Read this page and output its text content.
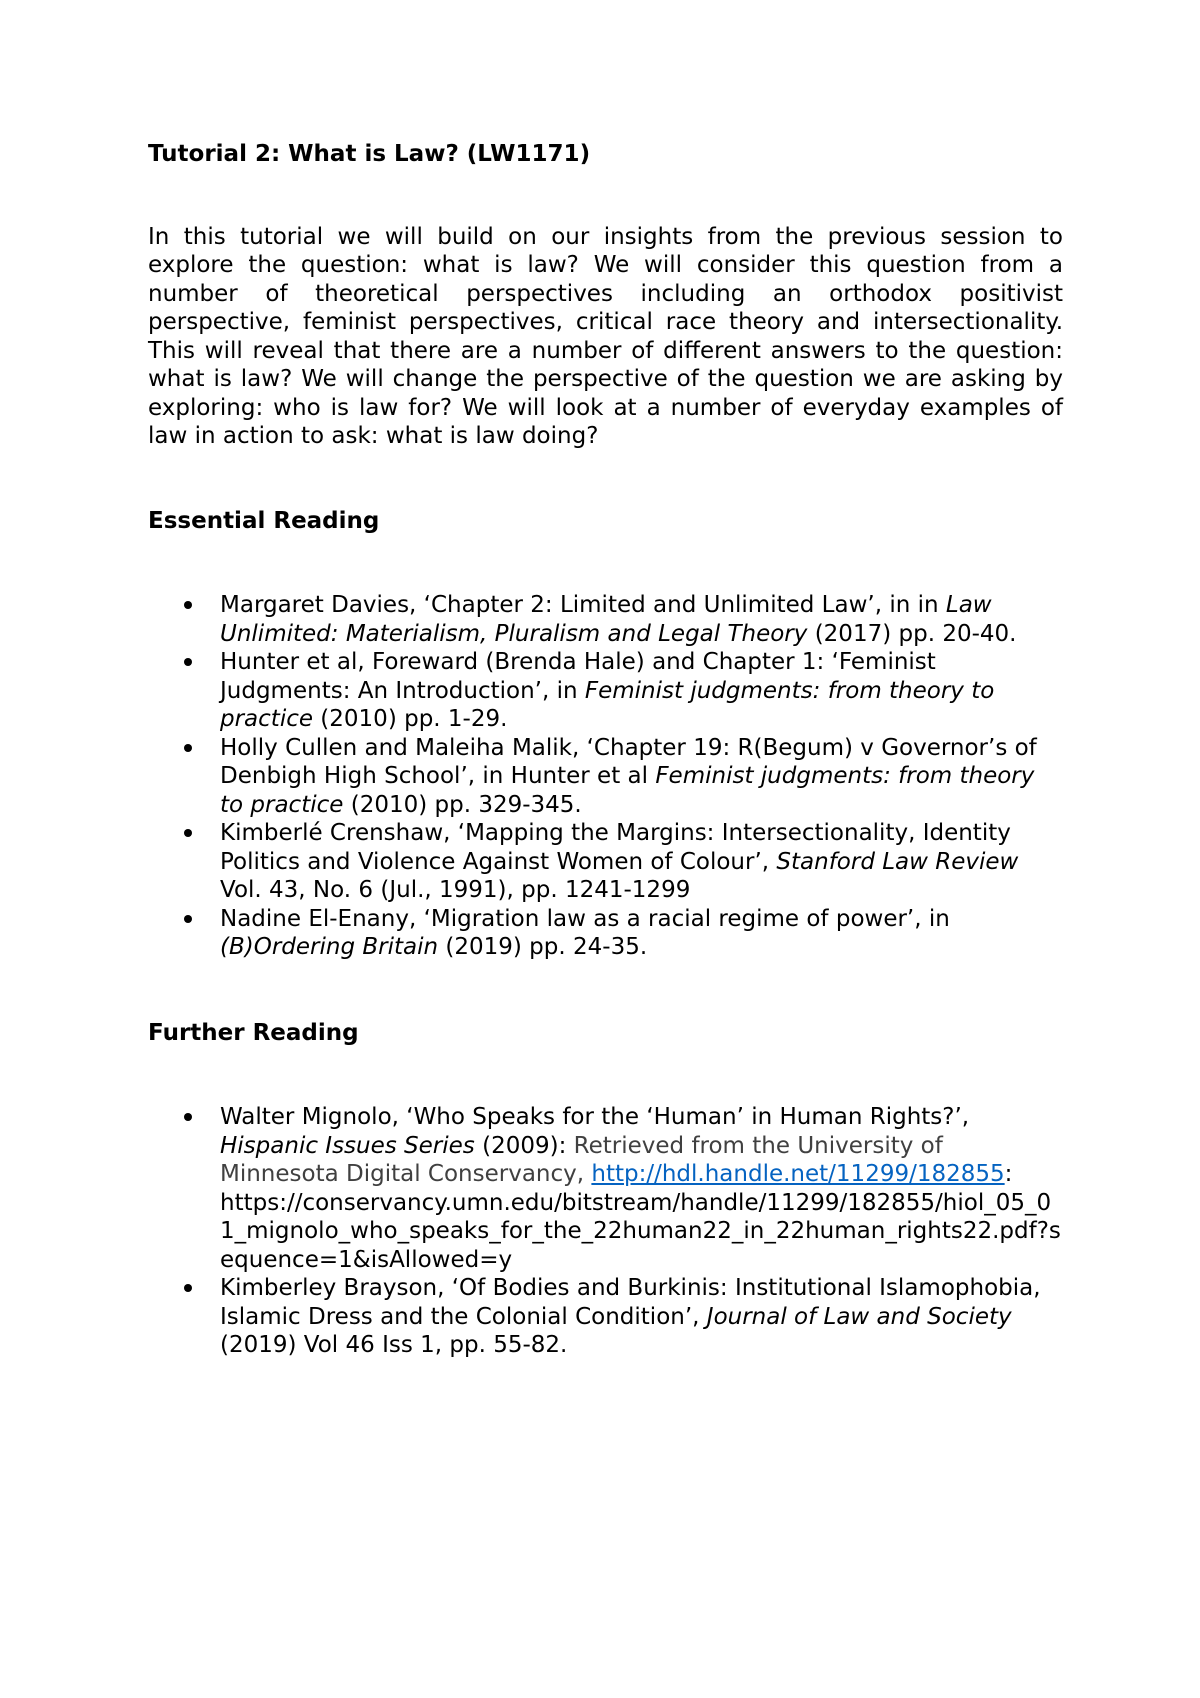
Tutorial 2: What is Law? (LW1171)

In this tutorial we will build on our insights from the previous session to explore the question: what is law? We will consider this question from a number of theoretical perspectives including an orthodox positivist perspective, feminist perspectives, critical race theory and intersectionality. This will reveal that there are a number of different answers to the question: what is law? We will change the perspective of the question we are asking by exploring: who is law for? We will look at a number of everyday examples of law in action to ask: what is law doing?

Essential Reading

Margaret Davies, ‘Chapter 2: Limited and Unlimited Law’, in in Law Unlimited: Materialism, Pluralism and Legal Theory (2017) pp. 20-40.
Hunter et al, Foreward (Brenda Hale) and Chapter 1: ‘Feminist Judgments: An Introduction’, in Feminist judgments: from theory to practice (2010) pp. 1-29.
Holly Cullen and Maleiha Malik, ‘Chapter 19: R(Begum) v Governor’s of Denbigh High School’, in Hunter et al Feminist judgments: from theory to practice (2010) pp. 329-345.
Kimberlé Crenshaw, ‘Mapping the Margins: Intersectionality, Identity Politics and Violence Against Women of Colour’, Stanford Law Review Vol. 43, No. 6 (Jul., 1991), pp. 1241-1299
Nadine El-Enany, ‘Migration law as a racial regime of power’, in (B)Ordering Britain (2019) pp. 24-35.

Further Reading

Walter Mignolo, ‘Who Speaks for the ‘Human’ in Human Rights?’, Hispanic Issues Series (2009): Retrieved from the University of Minnesota Digital Conservancy, http://hdl.handle.net/11299/182855:
https://conservancy.umn.edu/bitstream/handle/11299/182855/hiol_05_01_mignolo_who_speaks_for_the_22human22_in_22human_rights22.pdf?sequence=1&isAllowed=y
Kimberley Brayson, ‘Of Bodies and Burkinis: Institutional Islamophobia, Islamic Dress and the Colonial Condition’, Journal of Law and Society (2019) Vol 46 Iss 1, pp. 55-82.
